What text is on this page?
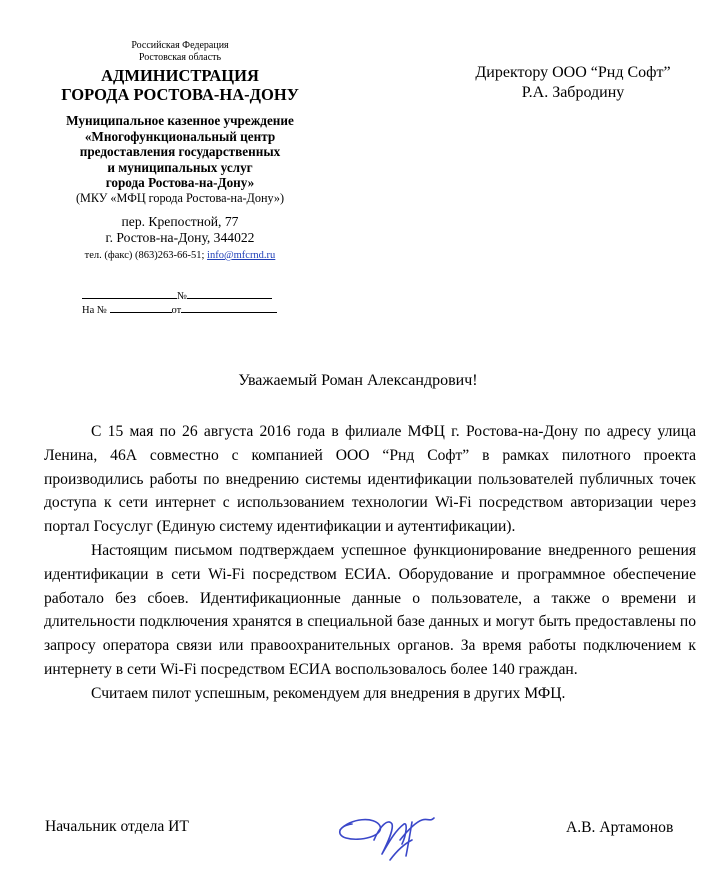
Российская Федерация
Ростовская область
АДМИНИСТРАЦИЯ
ГОРОДА РОСТОВА-НА-ДОНУ
Муниципальное казенное учреждение
«Многофункциональный центр
предоставления государственных
и муниципальных услуг
города Ростова-на-Дону»
(МКУ «МФЦ города Ростова-на-Дону»)
пер. Крепостной, 77
г. Ростов-на-Дону, 344022
тел. (факс) (863)263-66-51; info@mfcrnd.ru
№
На №	от
Директору ООО “Рнд Софт”
Р.А. Забродину
Уважаемый Роман Александрович!

С 15 мая по 26 августа 2016 года в филиале МФЦ г. Ростова-на-Дону по адресу улица Ленина, 46А совместно с компанией ООО “Рнд Софт” в рамках пилотного проекта производились работы по внедрению системы идентификации пользователей публичных точек доступа к сети интернет с использованием технологии Wi-Fi посредством авторизации через портал Госуслуг (Единую систему идентификации и аутентификации).

Настоящим письмом подтверждаем успешное функционирование внедренного решения идентификации в сети Wi-Fi посредством ЕСИА. Оборудование и программное обеспечение работало без сбоев. Идентификационные данные о пользователе, а также о времени и длительности подключения хранятся в специальной базе данных и могут быть предоставлены по запросу оператора связи или правоохранительных органов. За время работы подключением к интернету в сети Wi-Fi посредством ЕСИА воспользовалось более 140 граждан.

Считаем пилот успешным, рекомендуем для внедрения в других МФЦ.

Начальник отдела ИТ	А.В. Артамонов
